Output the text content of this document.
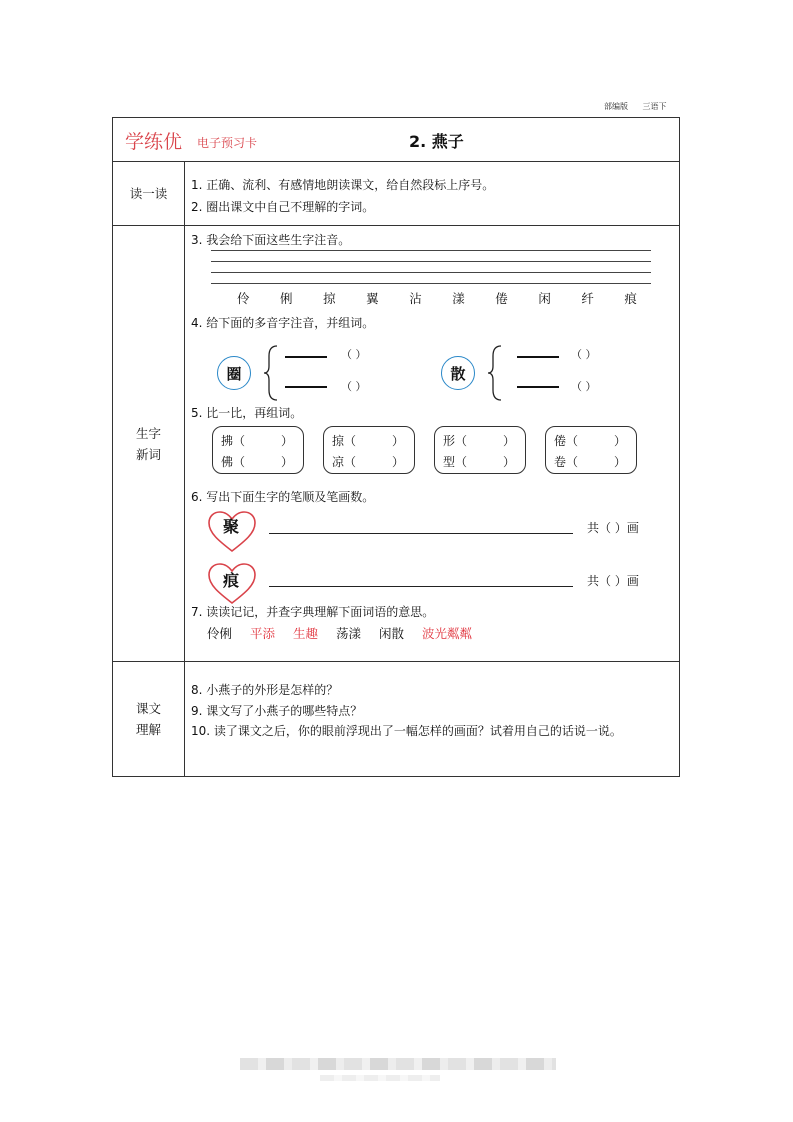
部编版 三语下
学练优 电子预习卡	2. 燕子
读一读
1. 正确、流利、有感情地朗读课文，给自然段标上序号。
2. 圈出课文中自己不理解的字词。
生字
新词
3. 我会给下面这些生字注音。
伶 俐 掠 翼 沾 漾 倦 闲 纤 痕
4. 给下面的多音字注音，并组词。
圈
（ ）
（ ）
散
（ ）
（ ）
5. 比一比，再组词。
拂（
佛（
）
）
掠（
凉（
）
）
形（
型（
）
）
倦（
卷（
）
）
6. 写出下面生字的笔顺及笔画数。
聚	共（ ）画
痕	共（ ）画
7. 读读记记，并查字典理解下面词语的意思。
伶俐 平添 生趣 荡漾 闲散 波光粼粼
课文
理解
8. 小燕子的外形是怎样的？
9. 课文写了小燕子的哪些特点？
10. 读了课文之后，你的眼前浮现出了一幅怎样的画面？试着用自己的话说一说。
